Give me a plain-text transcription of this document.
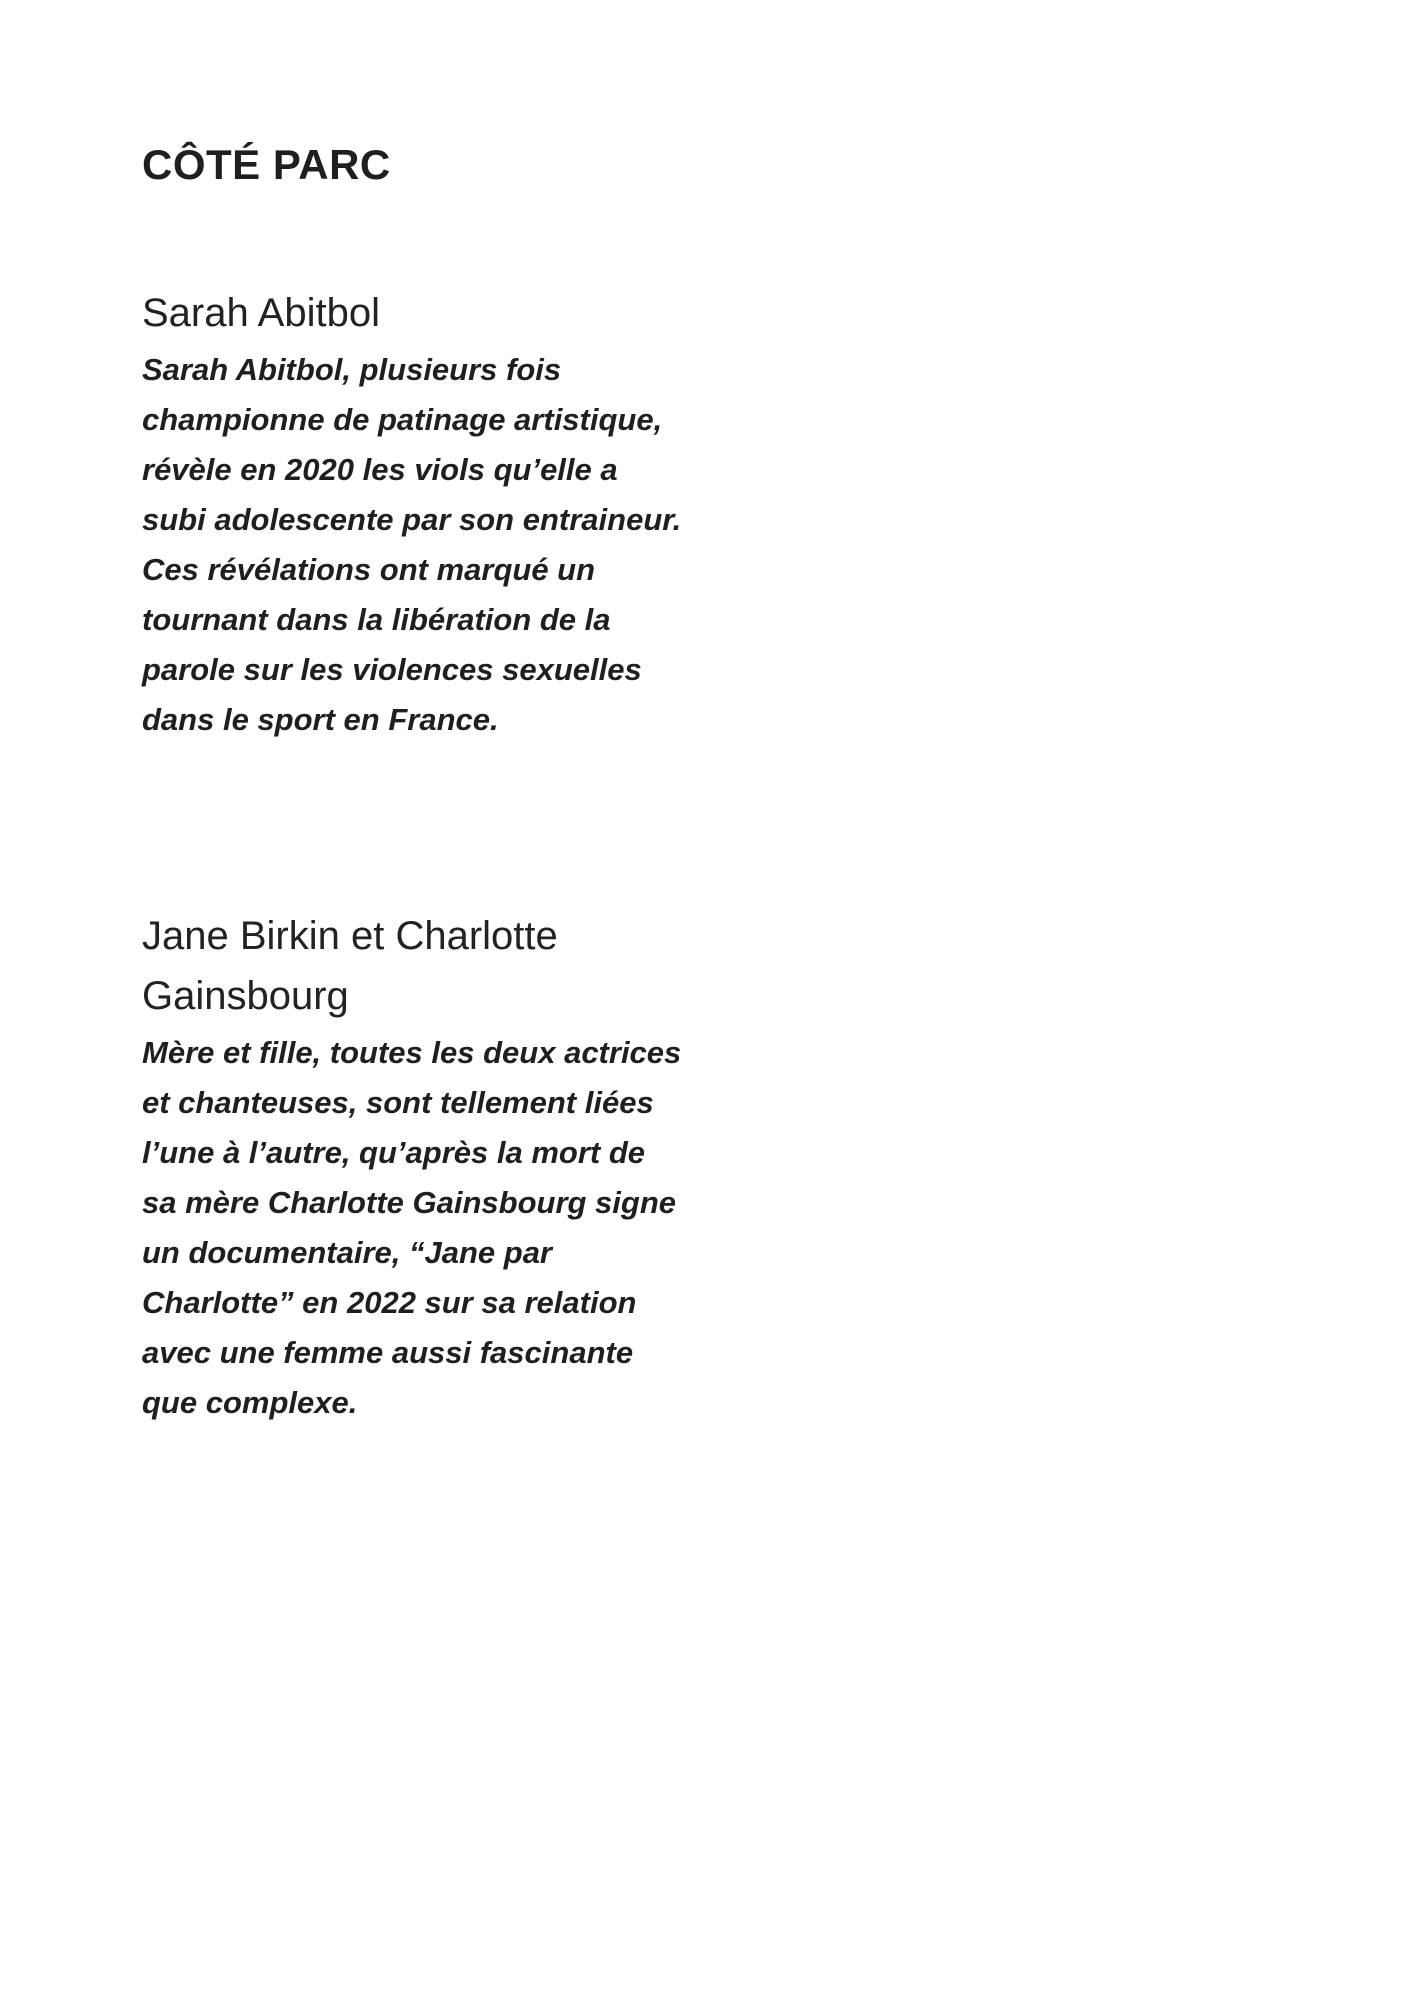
CÔTÉ PARC
Sarah Abitbol

Sarah Abitbol, plusieurs fois championne de patinage artistique, révèle en 2020 les viols qu’elle a subi adolescente par son entraineur. Ces révélations ont marqué un tournant dans la libération de la parole sur les violences sexuelles dans le sport en France.

Jane Birkin et Charlotte Gainsbourg

Mère et fille, toutes les deux actrices et chanteuses, sont tellement liées l’une à l’autre, qu’après la mort de sa mère Charlotte Gainsbourg signe un documentaire, “Jane par Charlotte” en 2022 sur sa relation avec une femme aussi fascinante que complexe.
